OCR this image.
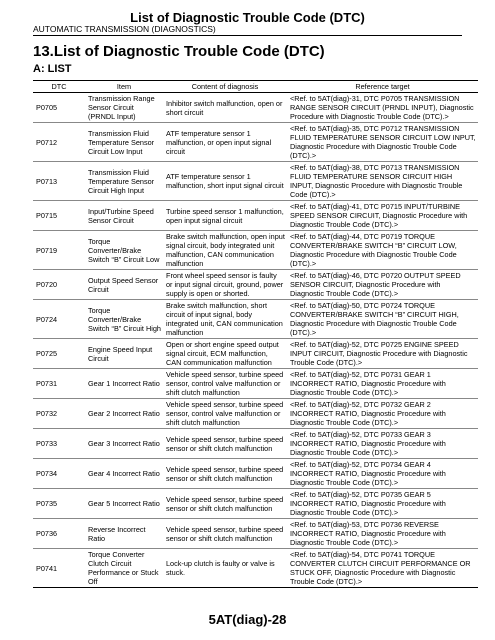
List of Diagnostic Trouble Code (DTC)
AUTOMATIC TRANSMISSION (DIAGNOSTICS)
13.List of Diagnostic Trouble Code (DTC)
A: LIST
DTC	Item	Content of diagnosis	Reference target
P0705	Transmission Range Sensor Circuit (PRNDL Input)	Inhibitor switch malfunction, open or short circuit	<Ref. to 5AT(diag)-31, DTC P0705 TRANSMISSION RANGE SENSOR CIRCUIT (PRNDL INPUT), Diagnostic Procedure with Diagnostic Trouble Code (DTC).>
P0712	Transmission Fluid Temperature Sensor Circuit Low Input	ATF temperature sensor 1 malfunction, or open input signal circuit	<Ref. to 5AT(diag)-35, DTC P0712 TRANSMISSION FLUID TEMPERATURE SENSOR CIRCUIT LOW INPUT, Diagnostic Procedure with Diagnostic Trouble Code (DTC).>
P0713	Transmission Fluid Temperature Sensor Circuit High Input	ATF temperature sensor 1 malfunction, short input signal circuit	<Ref. to 5AT(diag)-38, DTC P0713 TRANSMISSION FLUID TEMPERATURE SENSOR CIRCUIT HIGH INPUT, Diagnostic Procedure with Diagnostic Trouble Code (DTC).>
P0715	Input/Turbine Speed Sensor Circuit	Turbine speed sensor 1 malfunction, open input signal circuit	<Ref. to 5AT(diag)-41, DTC P0715 INPUT/TURBINE SPEED SENSOR CIRCUIT, Diagnostic Procedure with Diagnostic Trouble Code (DTC).>
P0719	Torque Converter/Brake Switch “B” Circuit Low	Brake switch malfunction, open input signal circuit, body integrated unit malfunction, CAN communication malfunction	<Ref. to 5AT(diag)-44, DTC P0719 TORQUE CONVERTER/BRAKE SWITCH “B” CIRCUIT LOW, Diagnostic Procedure with Diagnostic Trouble Code (DTC).>
P0720	Output Speed Sensor Circuit	Front wheel speed sensor is faulty or input signal circuit, ground, power supply is open or shorted.	<Ref. to 5AT(diag)-46, DTC P0720 OUTPUT SPEED SENSOR CIRCUIT, Diagnostic Procedure with Diagnostic Trouble Code (DTC).>
P0724	Torque Converter/Brake Switch “B” Circuit High	Brake switch malfunction, short circuit of input signal, body integrated unit, CAN communication malfunction	<Ref. to 5AT(diag)-50, DTC P0724 TORQUE CONVERTER/BRAKE SWITCH “B” CIRCUIT HIGH, Diagnostic Procedure with Diagnostic Trouble Code (DTC).>
P0725	Engine Speed Input Circuit	Open or short engine speed output signal circuit, ECM malfunction, CAN communication malfunction	<Ref. to 5AT(diag)-52, DTC P0725 ENGINE SPEED INPUT CIRCUIT, Diagnostic Procedure with Diagnostic Trouble Code (DTC).>
P0731	Gear 1 Incorrect Ratio	Vehicle speed sensor, turbine speed sensor, control valve malfunction or shift clutch malfunction	<Ref. to 5AT(diag)-52, DTC P0731 GEAR 1 INCORRECT RATIO, Diagnostic Procedure with Diagnostic Trouble Code (DTC).>
P0732	Gear 2 Incorrect Ratio	Vehicle speed sensor, turbine speed sensor, control valve malfunction or shift clutch malfunction	<Ref. to 5AT(diag)-52, DTC P0732 GEAR 2 INCORRECT RATIO, Diagnostic Procedure with Diagnostic Trouble Code (DTC).>
P0733	Gear 3 Incorrect Ratio	Vehicle speed sensor, turbine speed sensor or shift clutch malfunction	<Ref. to 5AT(diag)-52, DTC P0733 GEAR 3 INCORRECT RATIO, Diagnostic Procedure with Diagnostic Trouble Code (DTC).>
P0734	Gear 4 Incorrect Ratio	Vehicle speed sensor, turbine speed sensor or shift clutch malfunction	<Ref. to 5AT(diag)-52, DTC P0734 GEAR 4 INCORRECT RATIO, Diagnostic Procedure with Diagnostic Trouble Code (DTC).>
P0735	Gear 5 Incorrect Ratio	Vehicle speed sensor, turbine speed sensor or shift clutch malfunction	<Ref. to 5AT(diag)-52, DTC P0735 GEAR 5 INCORRECT RATIO, Diagnostic Procedure with Diagnostic Trouble Code (DTC).>
P0736	Reverse Incorrect Ratio	Vehicle speed sensor, turbine speed sensor or shift clutch malfunction	<Ref. to 5AT(diag)-53, DTC P0736 REVERSE INCORRECT RATIO, Diagnostic Procedure with Diagnostic Trouble Code (DTC).>
P0741	Torque Converter Clutch Circuit Performance or Stuck Off	Lock-up clutch is faulty or valve is stuck.	<Ref. to 5AT(diag)-54, DTC P0741 TORQUE CONVERTER CLUTCH CIRCUIT PERFORMANCE OR STUCK OFF, Diagnostic Procedure with Diagnostic Trouble Code (DTC).>
5AT(diag)-28
